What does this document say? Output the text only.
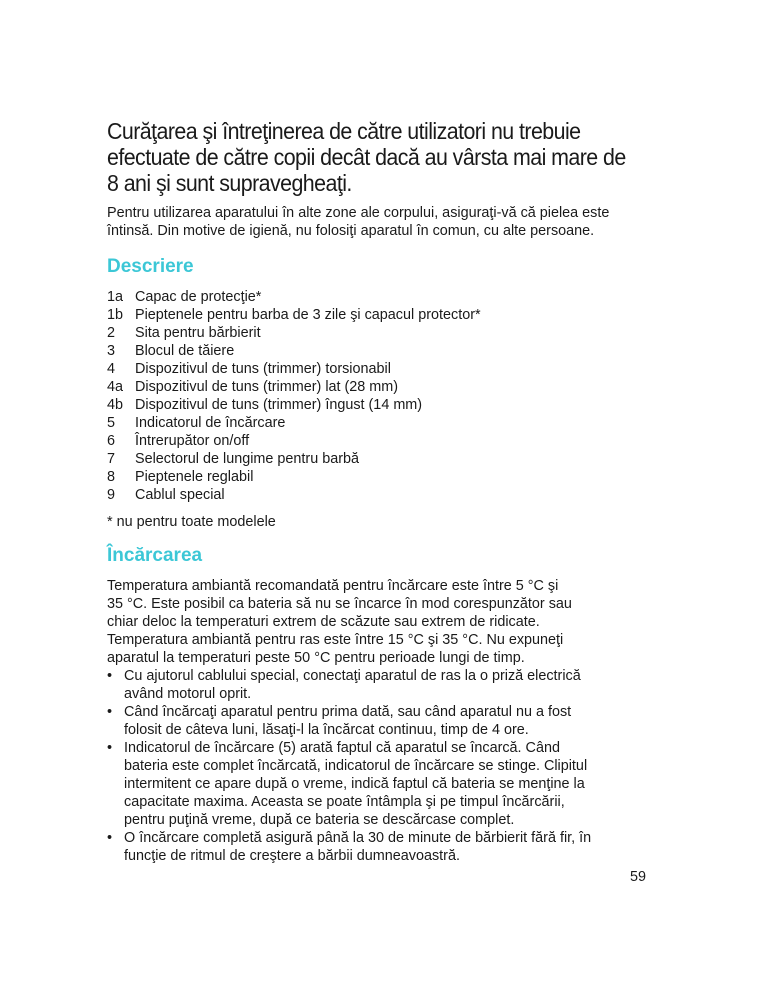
Curăţarea şi întreţinerea de către utilizatori nu trebuie
efectuate de către copii decât dacă au vârsta mai mare de
8 ani şi sunt supravegheaţi.

Pentru utilizarea aparatului în alte zone ale corpului, asiguraţi-vă că pielea este
întinsă. Din motive de igienă, nu folosiţi aparatul în comun, cu alte persoane.

Descriere
1a Capac de protecţie*
1b Pieptenele pentru barba de 3 zile şi capacul protector*
2	Sita pentru bărbierit
3	Blocul de tăiere
4	Dispozitivul de tuns (trimmer) torsionabil
4a Dispozitivul de tuns (trimmer) lat (28 mm)
4b Dispozitivul de tuns (trimmer) îngust (14 mm)
5	Indicatorul de încărcare
6	Întrerupător on/off
7	Selectorul de lungime pentru barbă
8	Pieptenele reglabil
9	Cablul special

* nu pentru toate modelele

Încărcarea

Temperatura ambiantă recomandată pentru încărcare este între 5 °C şi
35 °C. Este posibil ca bateria să nu se încarce în mod corespunzător sau
chiar deloc la temperaturi extrem de scăzute sau extrem de ridicate.
Temperatura ambiantă pentru ras este între 15 °C şi 35 °C. Nu expuneţi
aparatul la temperaturi peste 50 °C pentru perioade lungi de timp.

• Cu ajutorul cablului special, conectaţi aparatul de ras la o priză electrică
având motorul oprit.
• Când încărcaţi aparatul pentru prima dată, sau când aparatul nu a fost
folosit de câteva luni, lăsaţi-l la încărcat continuu, timp de 4 ore.
• Indicatorul de încărcare (5) arată faptul că aparatul se încarcă. Când
bateria este complet încărcată, indicatorul de încărcare se stinge. Clipitul
intermitent ce apare după o vreme, indică faptul că bateria se menţine la
capacitate maxima. Aceasta se poate întâmpla şi pe timpul încărcării,
pentru puţină vreme, după ce bateria se descărcase complet.
• O încărcare completă asigură până la 30 de minute de bărbierit fără fir, în
funcţie de ritmul de creştere a bărbii dumneavoastră.
59
